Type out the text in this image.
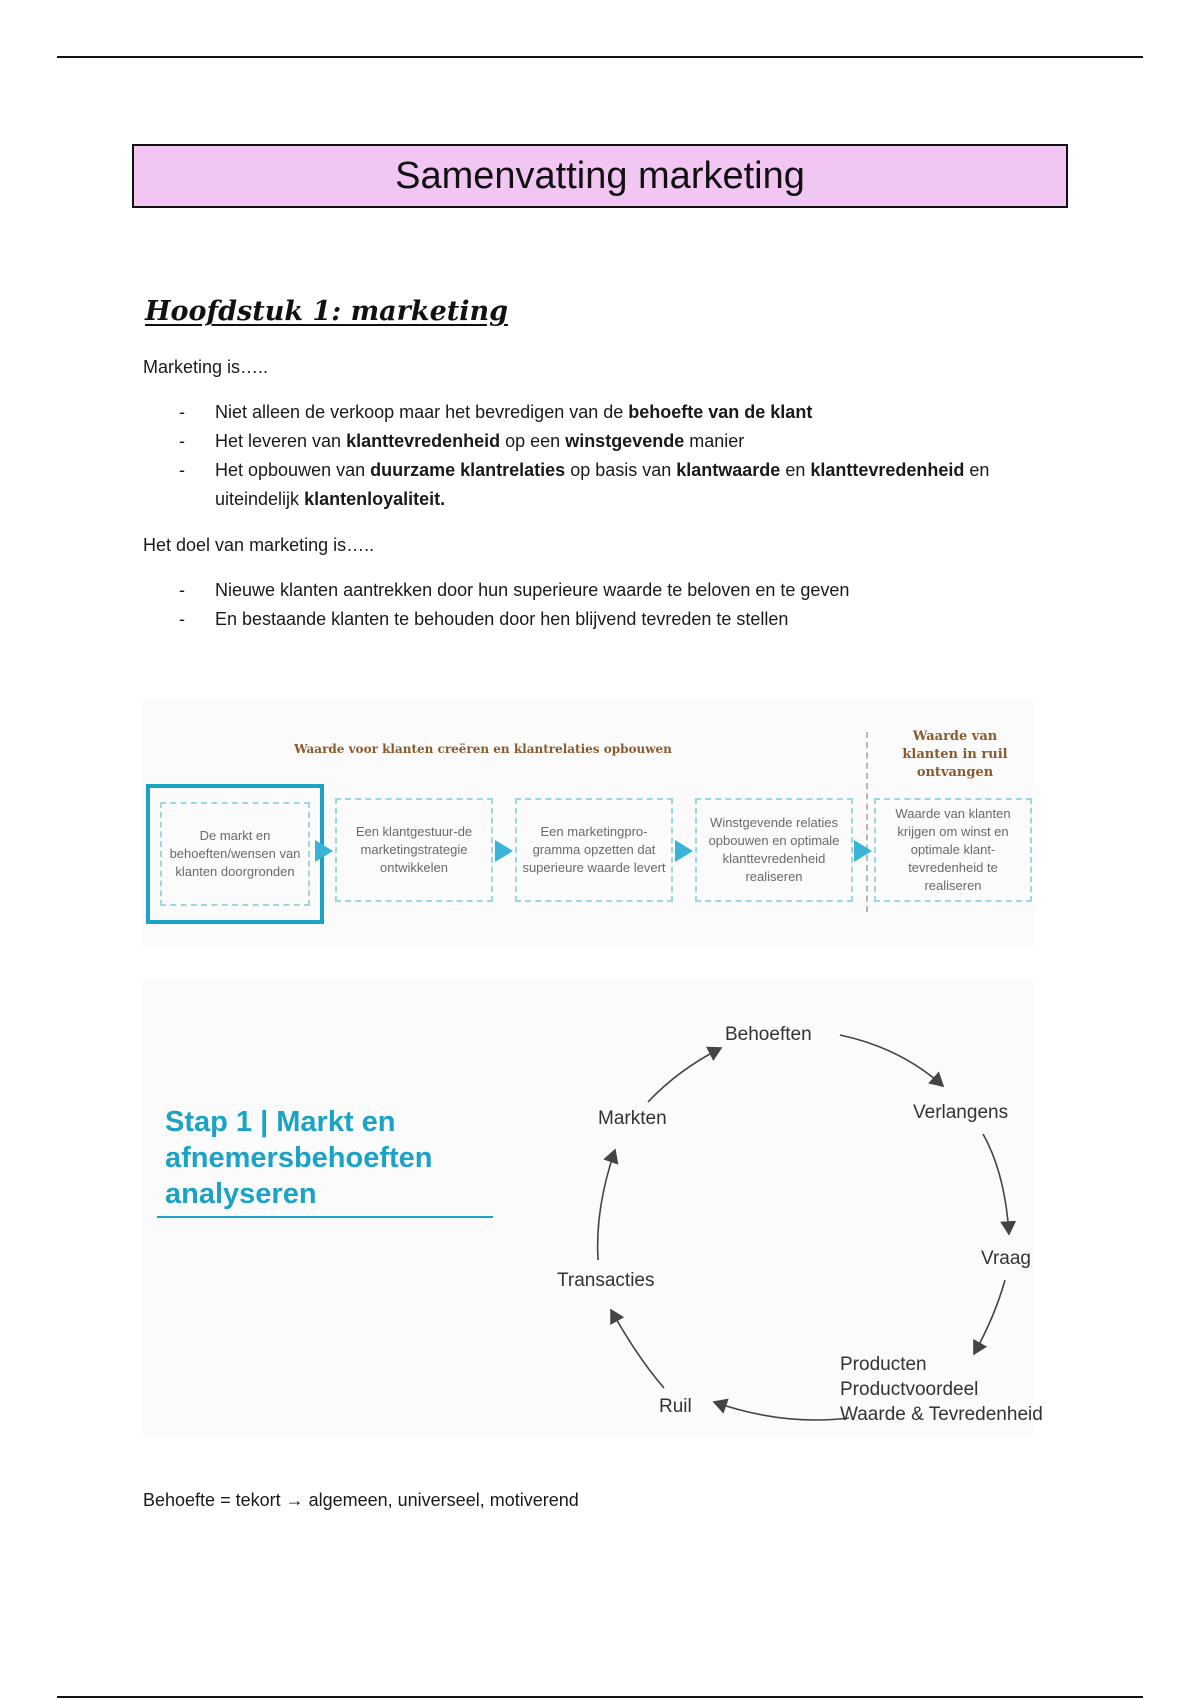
Samenvatting marketing
Hoofdstuk 1: marketing
Marketing is…..
- Niet alleen de verkoop maar het bevredigen van de behoefte van de klant
- Het leveren van klanttevredenheid op een winstgevende manier
- Het opbouwen van duurzame klantrelaties op basis van klantwaarde en klanttevredenheid en uiteindelijk klantenloyaliteit.
Het doel van marketing is…..
- Nieuwe klanten aantrekken door hun superieure waarde te beloven en te geven
- En bestaande klanten te behouden door hen blijvend tevreden te stellen
Waarde voor klanten creëren en klantrelaties opbouwen
Waarde van klanten in ruil ontvangen
De markt en behoeften/wensen van klanten doorgronden
Een klantgestuur-de marketingstrategie ontwikkelen
Een marketingpro-gramma opzetten dat superieure waarde levert
Winstgevende relaties opbouwen en optimale klanttevredenheid realiseren
Waarde van klanten krijgen om winst en optimale klant-tevredenheid te realiseren
Stap 1 | Markt en
afnemersbehoeften
analyseren
Behoeften
Verlangens
Vraag
Producten
Productvoordeel
Waarde & Tevredenheid
Ruil
Transacties
Markten
Behoefte = tekort → algemeen, universeel, motiverend
